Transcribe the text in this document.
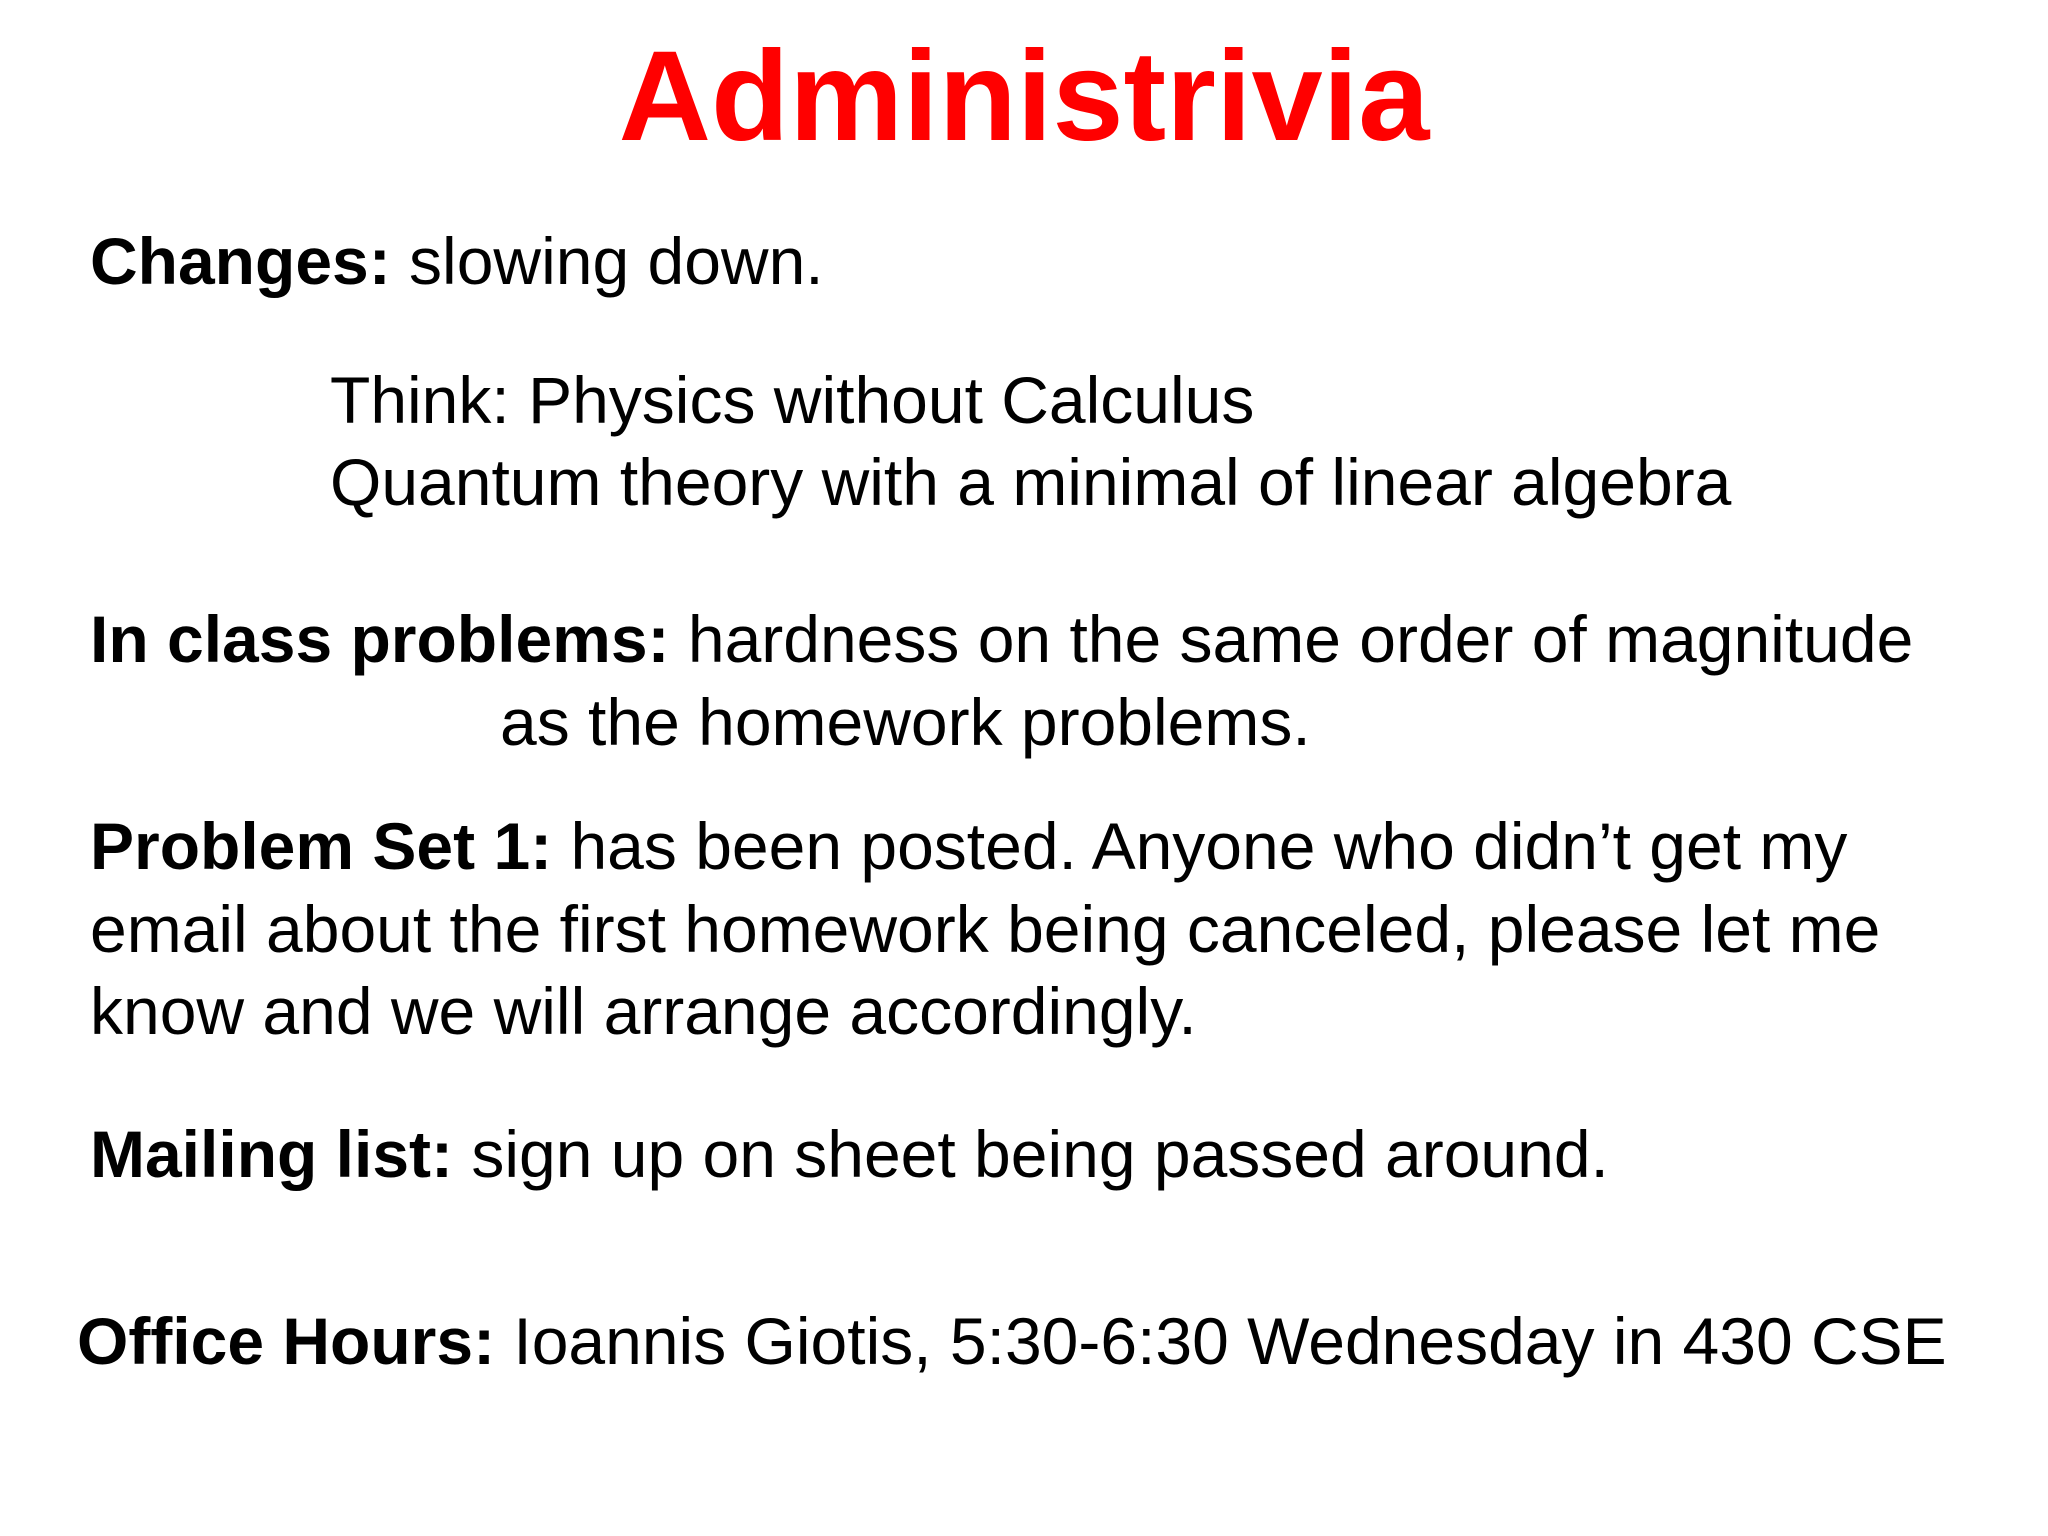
Administrivia
Changes: slowing down.
Think: Physics without Calculus
Quantum theory with a minimal of linear algebra
In class problems: hardness on the same order of magnitude
as the homework problems.
Problem Set 1: has been posted. Anyone who didn’t get my
email about the first homework being canceled, please let me
know and we will arrange accordingly.
Mailing list: sign up on sheet being passed around.
Office Hours: Ioannis Giotis, 5:30-6:30 Wednesday in 430 CSE
